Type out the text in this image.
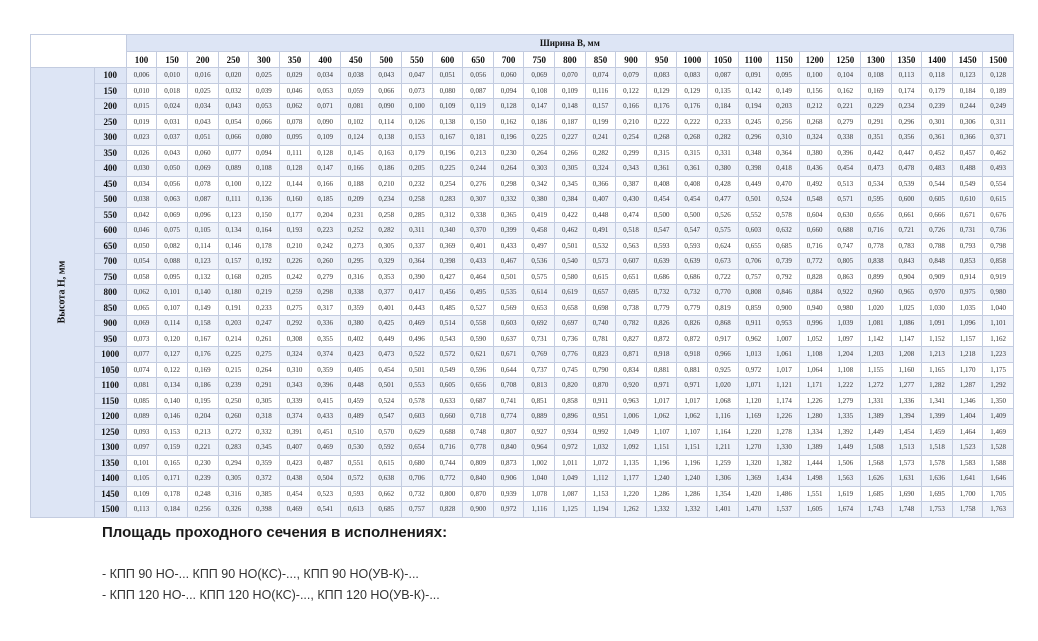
		Ширина B, мм																												
		100	150	200	250	300	350	400	450	500	550	600	650	700	750	800	850	900	950	1000	1050	1100	1150	1200	1250	1300	1350	1400	1450	1500

Высота H, мм	100	0,006	0,010	0,016	0,020	0,025	0,029	0,034	0,038	0,043	0,047	0,051	0,056	0,060	0,069	0,070	0,074	0,079	0,083	0,083	0,087	0,091	0,095	0,100	0,104	0,108	0,113	0,118	0,123	0,128
	150	0,010	0,018	0,025	0,032	0,039	0,046	0,053	0,059	0,066	0,073	0,080	0,087	0,094	0,108	0,109	0,116	0,122	0,129	0,129	0,135	0,142	0,149	0,156	0,162	0,169	0,174	0,179	0,184	0,189
	200	0,015	0,024	0,034	0,043	0,053	0,062	0,071	0,081	0,090	0,100	0,109	0,119	0,128	0,147	0,148	0,157	0,166	0,176	0,176	0,184	0,194	0,203	0,212	0,221	0,229	0,234	0,239	0,244	0,249
	250	0,019	0,031	0,043	0,054	0,066	0,078	0,090	0,102	0,114	0,126	0,138	0,150	0,162	0,186	0,187	0,199	0,210	0,222	0,222	0,233	0,245	0,256	0,268	0,279	0,291	0,296	0,301	0,306	0,311
	300	0,023	0,037	0,051	0,066	0,080	0,095	0,109	0,124	0,138	0,153	0,167	0,181	0,196	0,225	0,227	0,241	0,254	0,268	0,268	0,282	0,296	0,310	0,324	0,338	0,351	0,356	0,361	0,366	0,371
	350	0,026	0,043	0,060	0,077	0,094	0,111	0,128	0,145	0,163	0,179	0,196	0,213	0,230	0,264	0,266	0,282	0,299	0,315	0,315	0,331	0,348	0,364	0,380	0,396	0,442	0,447	0,452	0,457	0,462
	400	0,030	0,050	0,069	0,089	0,108	0,128	0,147	0,166	0,186	0,205	0,225	0,244	0,264	0,303	0,305	0,324	0,343	0,361	0,361	0,380	0,398	0,418	0,436	0,454	0,473	0,478	0,483	0,488	0,493
	450	0,034	0,056	0,078	0,100	0,122	0,144	0,166	0,188	0,210	0,232	0,254	0,276	0,298	0,342	0,345	0,366	0,387	0,408	0,408	0,428	0,449	0,470	0,492	0,513	0,534	0,539	0,544	0,549	0,554
	500	0,038	0,063	0,087	0,111	0,136	0,160	0,185	0,209	0,234	0,258	0,283	0,307	0,332	0,380	0,384	0,407	0,430	0,454	0,454	0,477	0,501	0,524	0,548	0,571	0,595	0,600	0,605	0,610	0,615
	550	0,042	0,069	0,096	0,123	0,150	0,177	0,204	0,231	0,258	0,285	0,312	0,338	0,365	0,419	0,422	0,448	0,474	0,500	0,500	0,526	0,552	0,578	0,604	0,630	0,656	0,661	0,666	0,671	0,676
	600	0,046	0,075	0,105	0,134	0,164	0,193	0,223	0,252	0,282	0,311	0,340	0,370	0,399	0,458	0,462	0,491	0,518	0,547	0,547	0,575	0,603	0,632	0,660	0,688	0,716	0,721	0,726	0,731	0,736
	650	0,050	0,082	0,114	0,146	0,178	0,210	0,242	0,273	0,305	0,337	0,369	0,401	0,433	0,497	0,501	0,532	0,563	0,593	0,593	0,624	0,655	0,685	0,716	0,747	0,778	0,783	0,788	0,793	0,798
	700	0,054	0,088	0,123	0,157	0,192	0,226	0,260	0,295	0,329	0,364	0,398	0,433	0,467	0,536	0,540	0,573	0,607	0,639	0,639	0,673	0,706	0,739	0,772	0,805	0,838	0,843	0,848	0,853	0,858
	750	0,058	0,095	0,132	0,168	0,205	0,242	0,279	0,316	0,353	0,390	0,427	0,464	0,501	0,575	0,580	0,615	0,651	0,686	0,686	0,722	0,757	0,792	0,828	0,863	0,899	0,904	0,909	0,914	0,919
	800	0,062	0,101	0,140	0,180	0,219	0,259	0,298	0,338	0,377	0,417	0,456	0,495	0,535	0,614	0,619	0,657	0,695	0,732	0,732	0,770	0,808	0,846	0,884	0,922	0,960	0,965	0,970	0,975	0,980
	850	0,065	0,107	0,149	0,191	0,233	0,275	0,317	0,359	0,401	0,443	0,485	0,527	0,569	0,653	0,658	0,698	0,738	0,779	0,779	0,819	0,859	0,900	0,940	0,980	1,020	1,025	1,030	1,035	1,040
	900	0,069	0,114	0,158	0,203	0,247	0,292	0,336	0,380	0,425	0,469	0,514	0,558	0,603	0,692	0,697	0,740	0,782	0,826	0,826	0,868	0,911	0,953	0,996	1,039	1,081	1,086	1,091	1,096	1,101
	950	0,073	0,120	0,167	0,214	0,261	0,308	0,355	0,402	0,449	0,496	0,543	0,590	0,637	0,731	0,736	0,781	0,827	0,872	0,872	0,917	0,962	1,007	1,052	1,097	1,142	1,147	1,152	1,157	1,162
	1000	0,077	0,127	0,176	0,225	0,275	0,324	0,374	0,423	0,473	0,522	0,572	0,621	0,671	0,769	0,776	0,823	0,871	0,918	0,918	0,966	1,013	1,061	1,108	1,204	1,203	1,208	1,213	1,218	1,223
	1050	0,074	0,122	0,169	0,215	0,264	0,310	0,359	0,405	0,454	0,501	0,549	0,596	0,644	0,737	0,745	0,790	0,834	0,881	0,881	0,925	0,972	1,017	1,064	1,108	1,155	1,160	1,165	1,170	1,175
	1100	0,081	0,134	0,186	0,239	0,291	0,343	0,396	0,448	0,501	0,553	0,605	0,656	0,708	0,813	0,820	0,870	0,920	0,971	0,971	1,020	1,071	1,121	1,171	1,222	1,272	1,277	1,282	1,287	1,292
	1150	0,085	0,140	0,195	0,250	0,305	0,339	0,415	0,459	0,524	0,578	0,633	0,687	0,741	0,851	0,858	0,911	0,963	1,017	1,017	1,068	1,120	1,174	1,226	1,279	1,331	1,336	1,341	1,346	1,350
	1200	0,089	0,146	0,204	0,260	0,318	0,374	0,433	0,489	0,547	0,603	0,660	0,718	0,774	0,889	0,896	0,951	1,006	1,062	1,062	1,116	1,169	1,226	1,280	1,335	1,389	1,394	1,399	1,404	1,409
	1250	0,093	0,153	0,213	0,272	0,332	0,391	0,451	0,510	0,570	0,629	0,688	0,748	0,807	0,927	0,934	0,992	1,049	1,107	1,107	1,164	1,220	1,278	1,334	1,392	1,449	1,454	1,459	1,464	1,469
	1300	0,097	0,159	0,221	0,283	0,345	0,407	0,469	0,530	0,592	0,654	0,716	0,778	0,840	0,964	0,972	1,032	1,092	1,151	1,151	1,211	1,270	1,330	1,389	1,449	1,508	1,513	1,518	1,523	1,528
	1350	0,101	0,165	0,230	0,294	0,359	0,423	0,487	0,551	0,615	0,680	0,744	0,809	0,873	1,002	1,011	1,072	1,135	1,196	1,196	1,259	1,320	1,382	1,444	1,506	1,568	1,573	1,578	1,583	1,588
	1400	0,105	0,171	0,239	0,305	0,372	0,438	0,504	0,572	0,638	0,706	0,772	0,840	0,906	1,040	1,049	1,112	1,177	1,240	1,240	1,306	1,369	1,434	1,498	1,563	1,626	1,631	1,636	1,641	1,646
	1450	0,109	0,178	0,248	0,316	0,385	0,454	0,523	0,593	0,662	0,732	0,800	0,870	0,939	1,078	1,087	1,153	1,220	1,286	1,286	1,354	1,420	1,486	1,551	1,619	1,685	1,690	1,695	1,700	1,705
	1500	0,113	0,184	0,256	0,326	0,398	0,469	0,541	0,613	0,685	0,757	0,828	0,900	0,972	1,116	1,125	1,194	1,262	1,332	1,332	1,401	1,470	1,537	1,605	1,674	1,743	1,748	1,753	1,758	1,763
Площадь проходного сечения в исполнениях:
- КПП 90 НО-... КПП 90 НО(КС)-..., КПП 90 НО(УВ-К)-...
- КПП 120 НО-... КПП 120 НО(КС)-..., КПП 120 НО(УВ-К)-...
